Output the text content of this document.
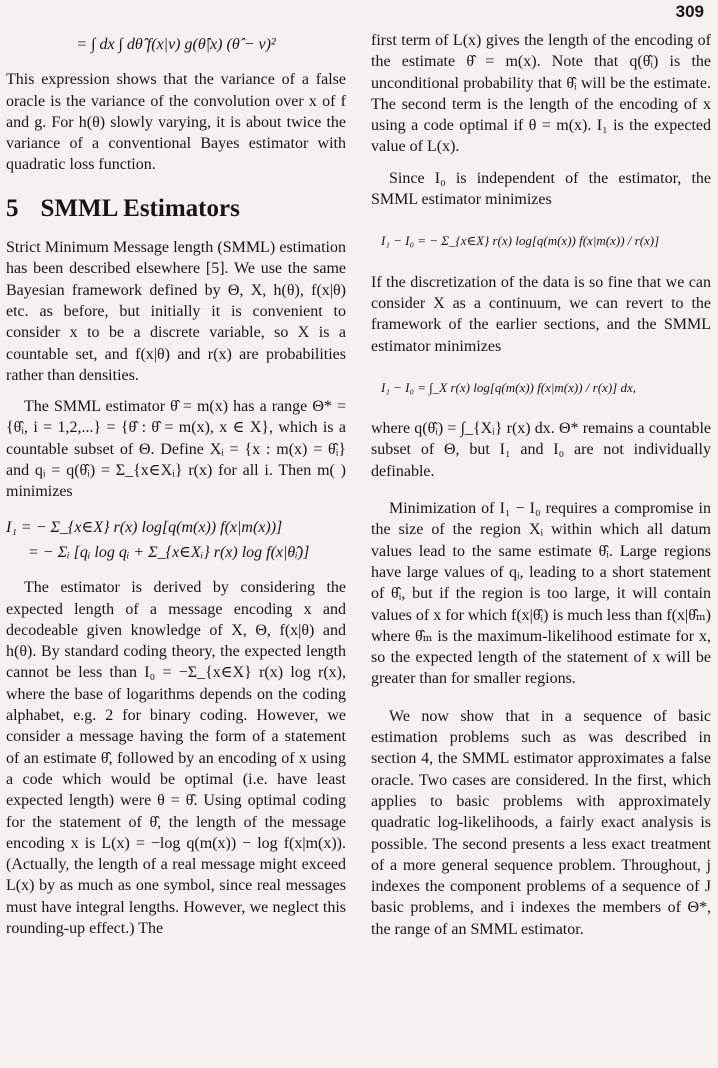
309
= ∫ dx ∫ dθ̂ f(x|v) g(θ̂|x) (θ̂ − v)²

This expression shows that the variance of a false oracle is the variance of the convolution over x of f and g. For h(θ) slowly varying, it is about twice the variance of a conventional Bayes estimator with quadratic loss function.

5 SMML Estimators

Strict Minimum Message length (SMML) estimation has been described elsewhere [5]. We use the same Bayesian framework defined by Θ, X, h(θ), f(x|θ) etc. as before, but initially it is convenient to consider x to be a discrete variable, so X is a countable set, and f(x|θ) and r(x) are probabilities rather than densities.

The SMML estimator θ̂ = m(x) has a range Θ* = {θ̂ᵢ, i = 1,2,...} = {θ̂ : θ̂ = m(x), x ∈ X}, which is a countable subset of Θ. Define Xᵢ = {x : m(x) = θ̂ᵢ} and qᵢ = q(θ̂ᵢ) = Σ_{x∈Xᵢ} r(x) for all i. Then m( ) minimizes

I₁ = − Σ_{x∈X} r(x) log[q(m(x)) f(x|m(x))]
= − Σᵢ [qᵢ log qᵢ + Σ_{x∈Xᵢ} r(x) log f(x|θ̂ᵢ)]

The estimator is derived by considering the expected length of a message encoding x and decodeable given knowledge of X, Θ, f(x|θ) and h(θ). By standard coding theory, the expected length cannot be less than I₀ = −Σ_{x∈X} r(x) log r(x), where the base of logarithms depends on the coding alphabet, e.g. 2 for binary coding. However, we consider a message having the form of a statement of an estimate θ̂, followed by an encoding of x using a code which would be optimal (i.e. have least expected length) were θ = θ̂. Using optimal coding for the statement of θ̂, the length of the message encoding x is L(x) = −log q(m(x)) − log f(x|m(x)). (Actually, the length of a real message might exceed L(x) by as much as one symbol, since real messages must have integral lengths. However, we neglect this rounding-up effect.) The

first term of L(x) gives the length of the encoding of the estimate θ̂ = m(x). Note that q(θ̂ᵢ) is the unconditional probability that θ̂ᵢ will be the estimate. The second term is the length of the encoding of x using a code optimal if θ = m(x). I₁ is the expected value of L(x).

Since I₀ is independent of the estimator, the SMML estimator minimizes

I₁ − I₀ = − Σ_{x∈X} r(x) log[q(m(x)) f(x|m(x)) / r(x)]

If the discretization of the data is so fine that we can consider X as a continuum, we can revert to the framework of the earlier sections, and the SMML estimator minimizes

I₁ − I₀ = ∫_X r(x) log[q(m(x)) f(x|m(x)) / r(x)] dx,

where q(θ̂ᵢ) = ∫_{Xᵢ} r(x) dx. Θ* remains a countable subset of Θ, but I₁ and I₀ are not individually definable.

Minimization of I₁ − I₀ requires a compromise in the size of the region Xᵢ within which all datum values lead to the same estimate θ̂ᵢ. Large regions have large values of qᵢ, leading to a short statement of θ̂ᵢ, but if the region is too large, it will contain values of x for which f(x|θ̂ᵢ) is much less than f(x|θ̂ₘ) where θ̂ₘ is the maximum-likelihood estimate for x, so the expected length of the statement of x will be greater than for smaller regions.

We now show that in a sequence of basic estimation problems such as was described in section 4, the SMML estimator approximates a false oracle. Two cases are considered. In the first, which applies to basic problems with approximately quadratic log-likelihoods, a fairly exact analysis is possible. The second presents a less exact treatment of a more general sequence problem. Throughout, j indexes the component problems of a sequence of J basic problems, and i indexes the members of Θ*, the range of an SMML estimator.
